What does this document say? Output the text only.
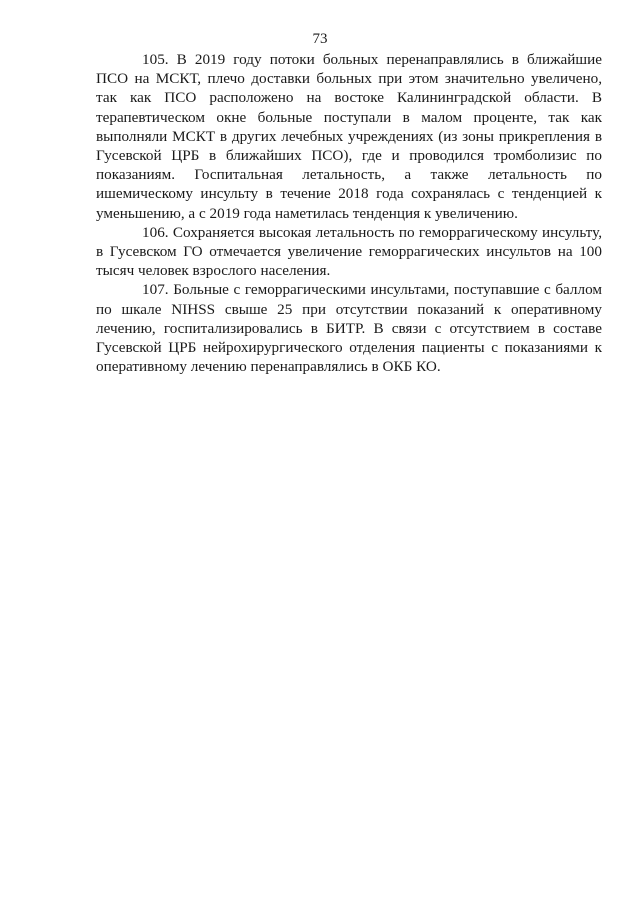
73

105. В 2019 году потоки больных перенаправлялись в ближайшие ПСО на МСКТ, плечо доставки больных при этом значительно увеличено, так как ПСО расположено на востоке Калининградской области. В терапевтическом окне больные поступали в малом проценте, так как выполняли МСКТ в других лечебных учреждениях (из зоны прикрепления в Гусевской ЦРБ в ближайших ПСО), где и проводился тромболизис по показаниям. Госпитальная летальность, а также летальность по ишемическому инсульту в течение 2018 года сохранялась с тенденцией к уменьшению, а с 2019 года наметилась тенденция к увеличению.

106. Сохраняется высокая летальность по геморрагическому инсульту, в Гусевском ГО отмечается увеличение геморрагических инсультов на 100 тысяч человек взрослого населения.

107. Больные с геморрагическими инсультами, поступавшие с баллом по шкале NIHSS свыше 25 при отсутствии показаний к оперативному лечению, госпитализировались в БИТР. В связи с отсутствием в составе Гусевской ЦРБ нейрохирургического отделения пациенты с показаниями к оперативному лечению перенаправлялись в ОКБ КО.
